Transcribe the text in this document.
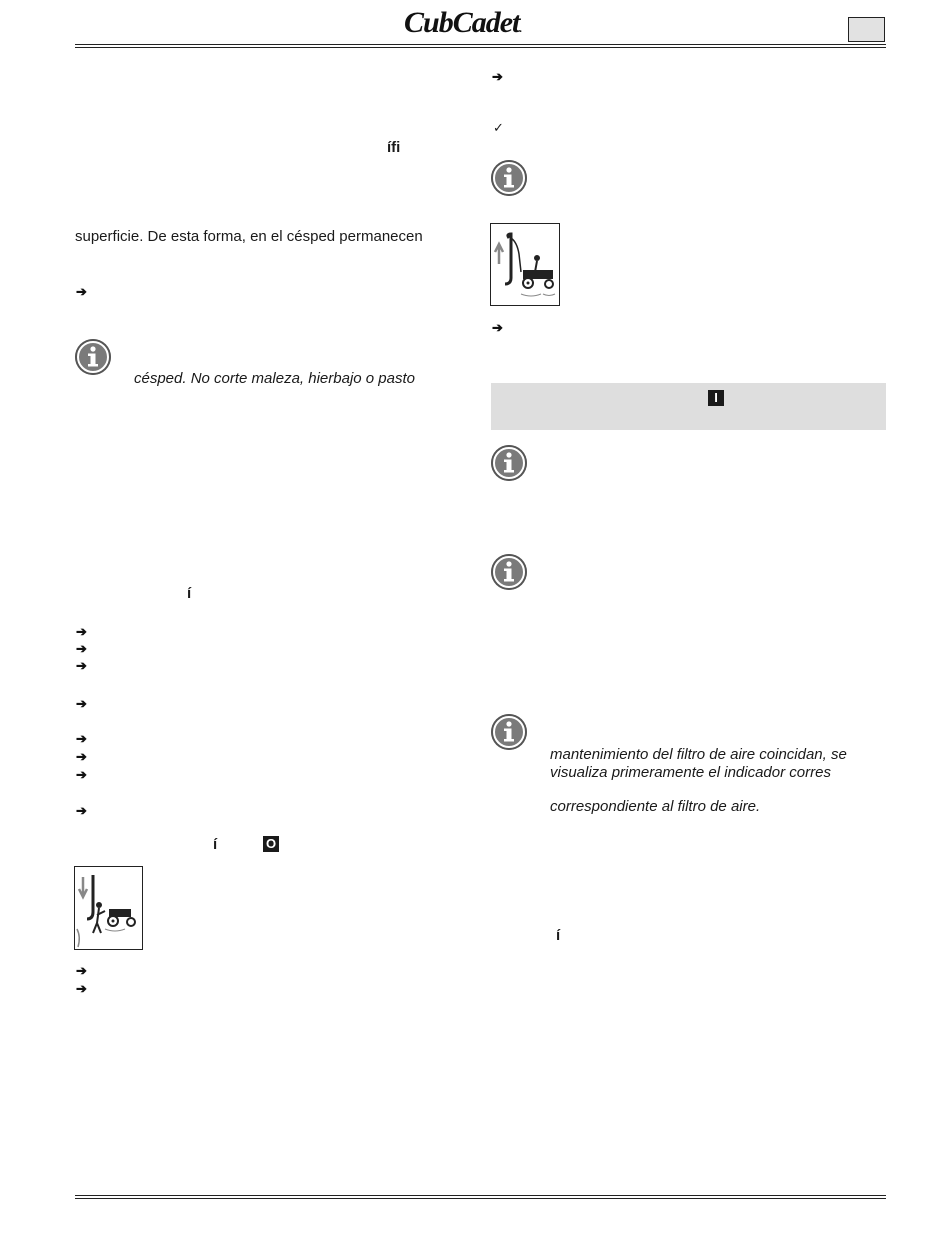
CubCadet.
ífi
superficie. De esta forma, en el césped permanecen
➔
césped. No corte maleza, hierbajo o pasto
í
➔
➔
➔
➔
➔
➔
➔
➔
í	O
➔
➔
➔
✓
➔
I
mantenimiento del filtro de aire coincidan, se
visualiza primeramente el indicador corres
correspondiente al filtro de aire.
í
